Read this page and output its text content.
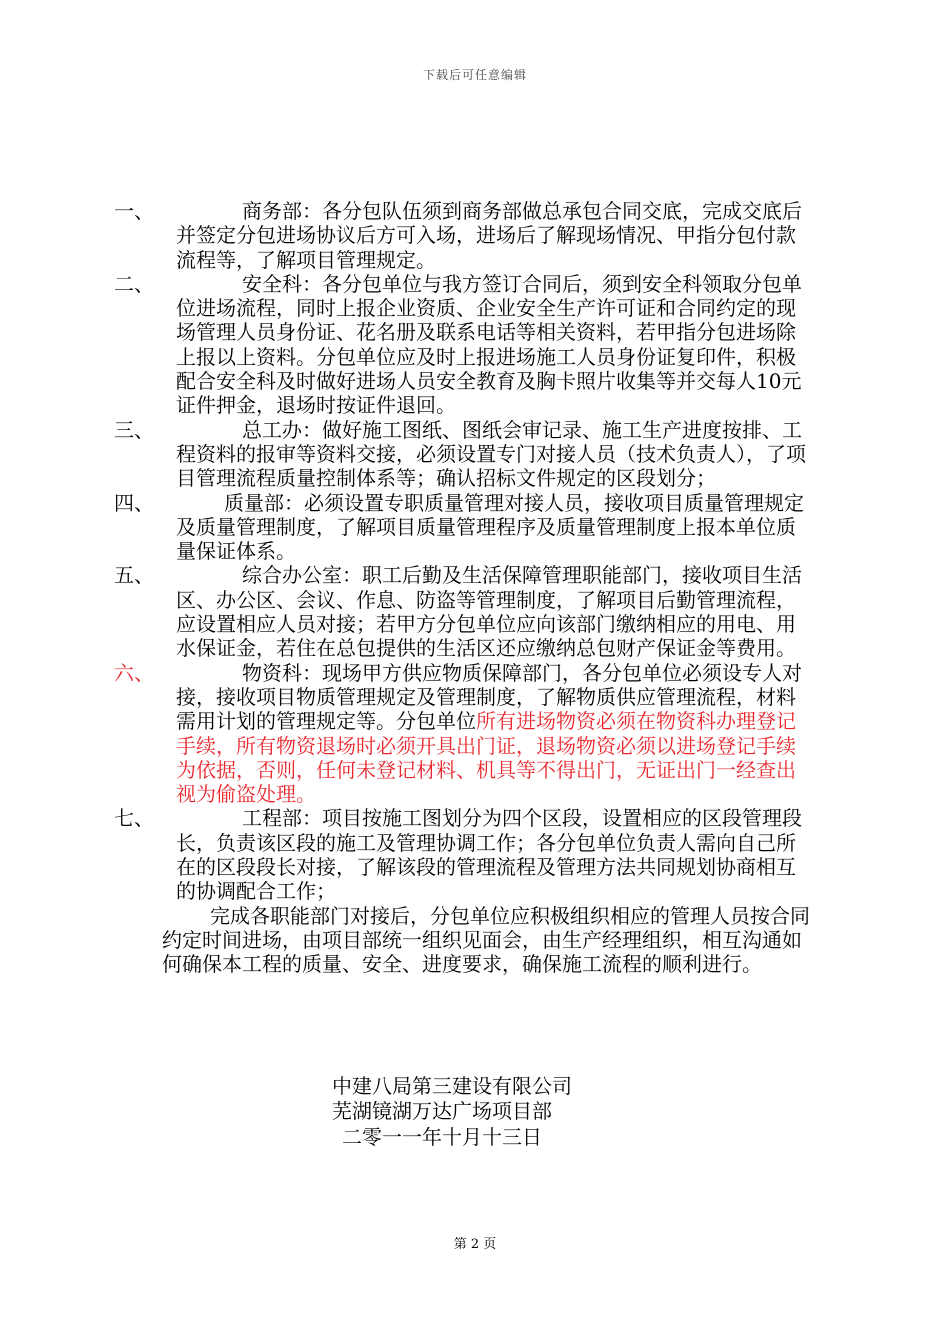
下载后可任意编辑
一、	商务部：各分包队伍须到商务部做总承包合同交底，完成交底后并签定分包进场协议后方可入场，进场后了解现场情况、甲指分包付款流程等，了解项目管理规定。
二、	安全科：各分包单位与我方签订合同后，须到安全科领取分包单位进场流程，同时上报企业资质、企业安全生产许可证和合同约定的现场管理人员身份证、花名册及联系电话等相关资料，若甲指分包进场除上报以上资料。分包单位应及时上报进场施工人员身份证复印件，积极配合安全科及时做好进场人员安全教育及胸卡照片收集等并交每人10元证件押金，退场时按证件退回。
三、	总工办：做好施工图纸、图纸会审记录、施工生产进度按排、工程资料的报审等资料交接，必须设置专门对接人员（技术负责人），了项目管理流程质量控制体系等；确认招标文件规定的区段划分；
四、	质量部：必须设置专职质量管理对接人员，接收项目质量管理规定及质量管理制度，了解项目质量管理程序及质量管理制度上报本单位质量保证体系。
五、	综合办公室：职工后勤及生活保障管理职能部门，接收项目生活区、办公区、会议、作息、防盗等管理制度，了解项目后勤管理流程，应设置相应人员对接；若甲方分包单位应向该部门缴纳相应的用电、用水保证金，若住在总包提供的生活区还应缴纳总包财产保证金等费用。
六、	物资科：现场甲方供应物质保障部门，各分包单位必须设专人对接，接收项目物质管理规定及管理制度，了解物质供应管理流程，材料需用计划的管理规定等。分包单位所有进场物资必须在物资科办理登记手续，所有物资退场时必须开具出门证，退场物资必须以进场登记手续为依据，否则，任何未登记材料、机具等不得出门，无证出门一经查出视为偷盗处理。
七、	工程部：项目按施工图划分为四个区段，设置相应的区段管理段长，负责该区段的施工及管理协调工作；各分包单位负责人需向自己所在的区段段长对接，了解该段的管理流程及管理方法共同规划协商相互的协调配合工作；
完成各职能部门对接后，分包单位应积极组织相应的管理人员按合同约定时间进场，由项目部统一组织见面会，由生产经理组织，相互沟通如何确保本工程的质量、安全、进度要求，确保施工流程的顺利进行。
中建八局第三建设有限公司
芜湖镜湖万达广场项目部
二零一一年十月十三日
第 2 页
